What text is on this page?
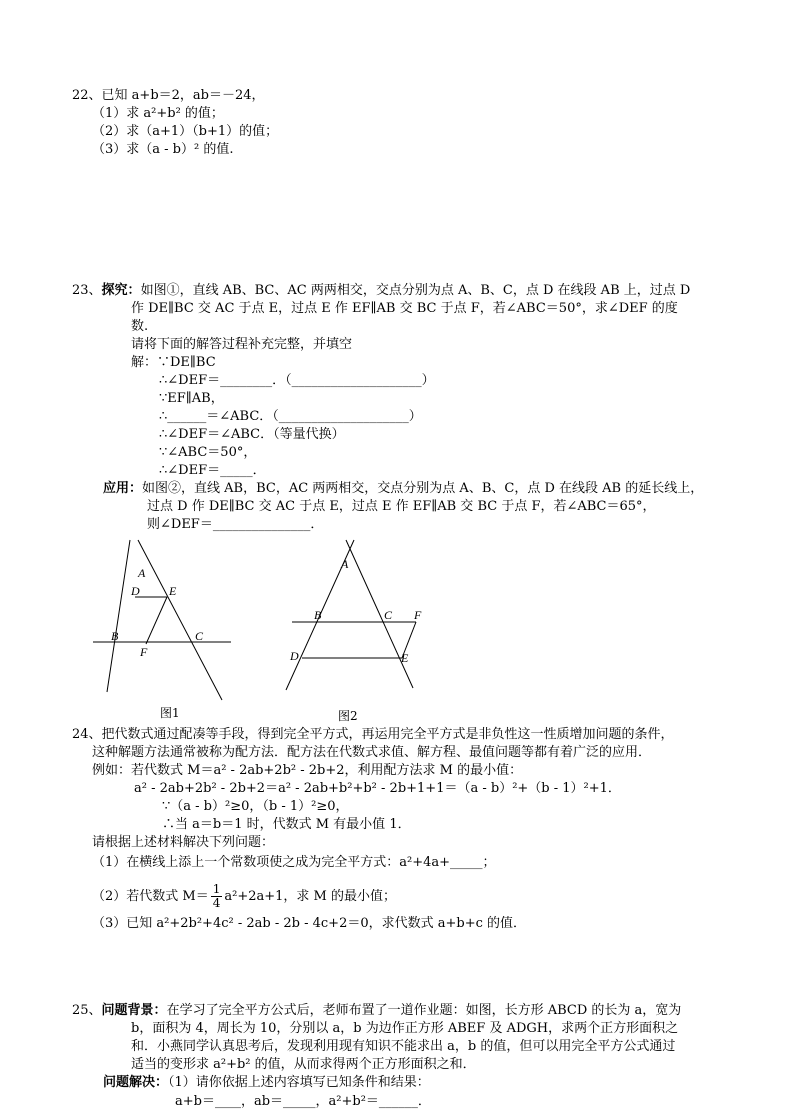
22、已知 a+b＝2，ab＝－24，
（1）求 a²+b² 的值；
（2）求（a+1）（b+1）的值；
（3）求（a - b）² 的值.
23、探究：如图①，直线 AB、BC、AC 两两相交，交点分别为点 A、B、C，点 D 在线段 AB 上，过点 D
作 DE∥BC 交 AC 于点 E，过点 E 作 EF∥AB 交 BC 于点 F，若∠ABC＝50°，求∠DEF 的度
数.
请将下面的解答过程补充完整，并填空
解：∵DE∥BC
∴∠DEF＝________．（____________________）
∵EF∥AB，
∴______＝∠ABC．（____________________）
∴∠DEF＝∠ABC．（等量代换）
∵∠ABC＝50°，
∴∠DEF＝_____．
应用：如图②，直线 AB，BC，AC 两两相交，交点分别为点 A、B、C，点 D 在线段 AB 的延长线上，
过点 D 作 DE∥BC 交 AC 于点 E，过点 E 作 EF∥AB 交 BC 于点 F，若∠ABC＝65°，
则∠DEF＝_______________．
A
D E
B	C
F
图1
A
B	C F
D	E
图2
24、把代数式通过配凑等手段，得到完全平方式，再运用完全平方式是非负性这一性质增加问题的条件，
这种解题方法通常被称为配方法．配方法在代数式求值、解方程、最值问题等都有着广泛的应用．
例如：若代数式 M＝a² - 2ab+2b² - 2b+2，利用配方法求 M 的最小值：
a² - 2ab+2b² - 2b+2＝a² - 2ab+b²+b² - 2b+1+1＝（a - b）²+（b - 1）²+1．
∵（a - b）²≥0，（b - 1）²≥0，
∴当 a＝b＝1 时，代数式 M 有最小值 1．
请根据上述材料解决下列问题：
（1）在横线上添上一个常数项使之成为完全平方式：a²+4a+_____；
（2）若代数式 $M= \frac{1}{4} a^2+2a+1$，求 M 的最小值；
（3）已知 a²+2b²+4c² - 2ab - 2b - 4c+2＝0，求代数式 a+b+c 的值．
25、问题背景：在学习了完全平方公式后，老师布置了一道作业题：如图，长方形 ABCD 的长为 a，宽为
b，面积为 4，周长为 10，分别以 a，b 为边作正方形 ABEF 及 ADGH，求两个正方形面积之
和．小燕同学认真思考后，发现利用现有知识不能求出 a，b 的值，但可以用完全平方公式通过
适当的变形求 a²+b² 的值，从而求得两个正方形面积之和．
问题解决：（1）请你依据上述内容填写已知条件和结果：
a+b＝____，ab＝_____，a²+b²＝______．
